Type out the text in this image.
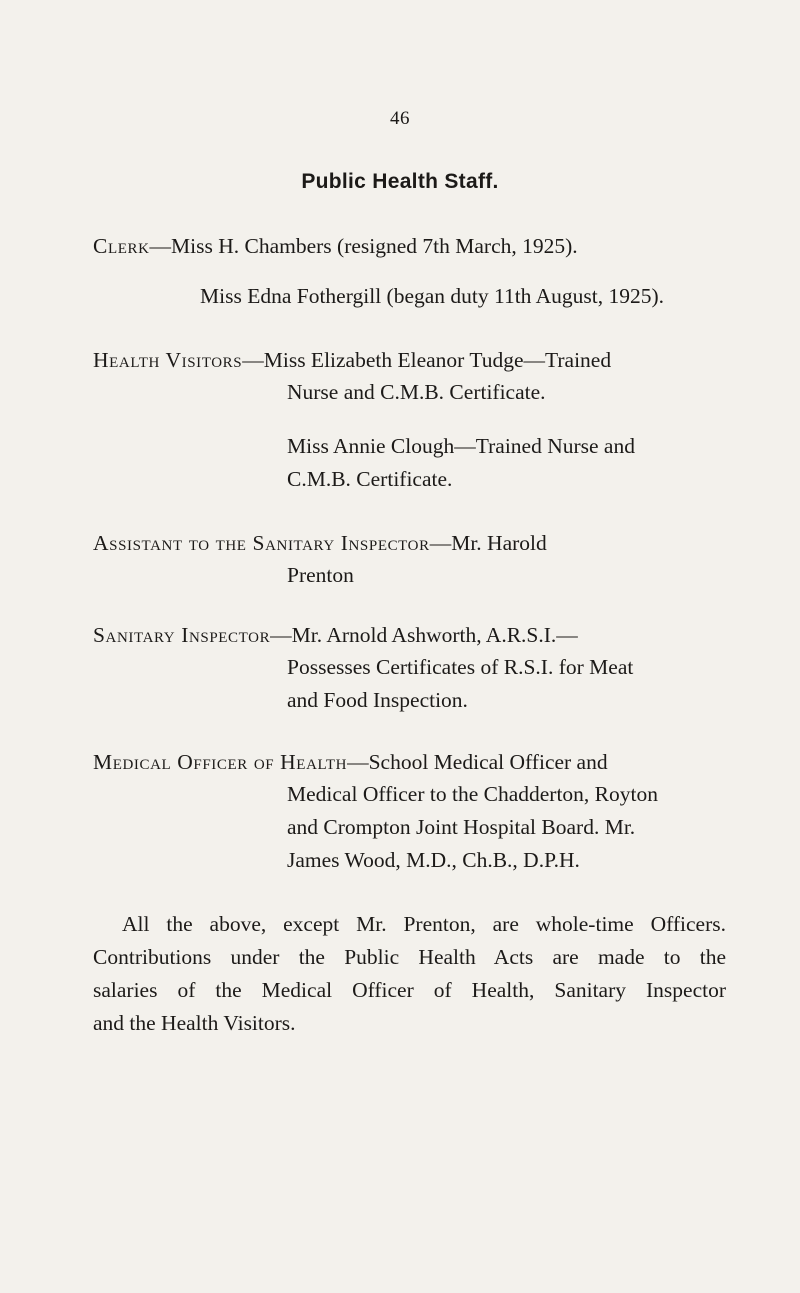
46
Public Health Staff.
Clerk—Miss H. Chambers (resigned 7th March, 1925).
Miss Edna Fothergill (began duty 11th August, 1925).
Health Visitors—Miss Elizabeth Eleanor Tudge—Trained
Nurse and C.M.B. Certificate.
Miss Annie Clough—Trained Nurse and
C.M.B. Certificate.
Assistant to the Sanitary Inspector—Mr. Harold
Prenton
Sanitary Inspector—Mr. Arnold Ashworth, A.R.S.I.—
Possesses Certificates of R.S.I. for Meat
and Food Inspection.
Medical Officer of Health—School Medical Officer and
Medical Officer to the Chadderton, Royton
and Crompton Joint Hospital Board. Mr.
James Wood, M.D., Ch.B., D.P.H.
All the above, except Mr. Prenton, are whole-time Officers.
Contributions under the Public Health Acts are made to the
salaries of the Medical Officer of Health, Sanitary Inspector
and the Health Visitors.
